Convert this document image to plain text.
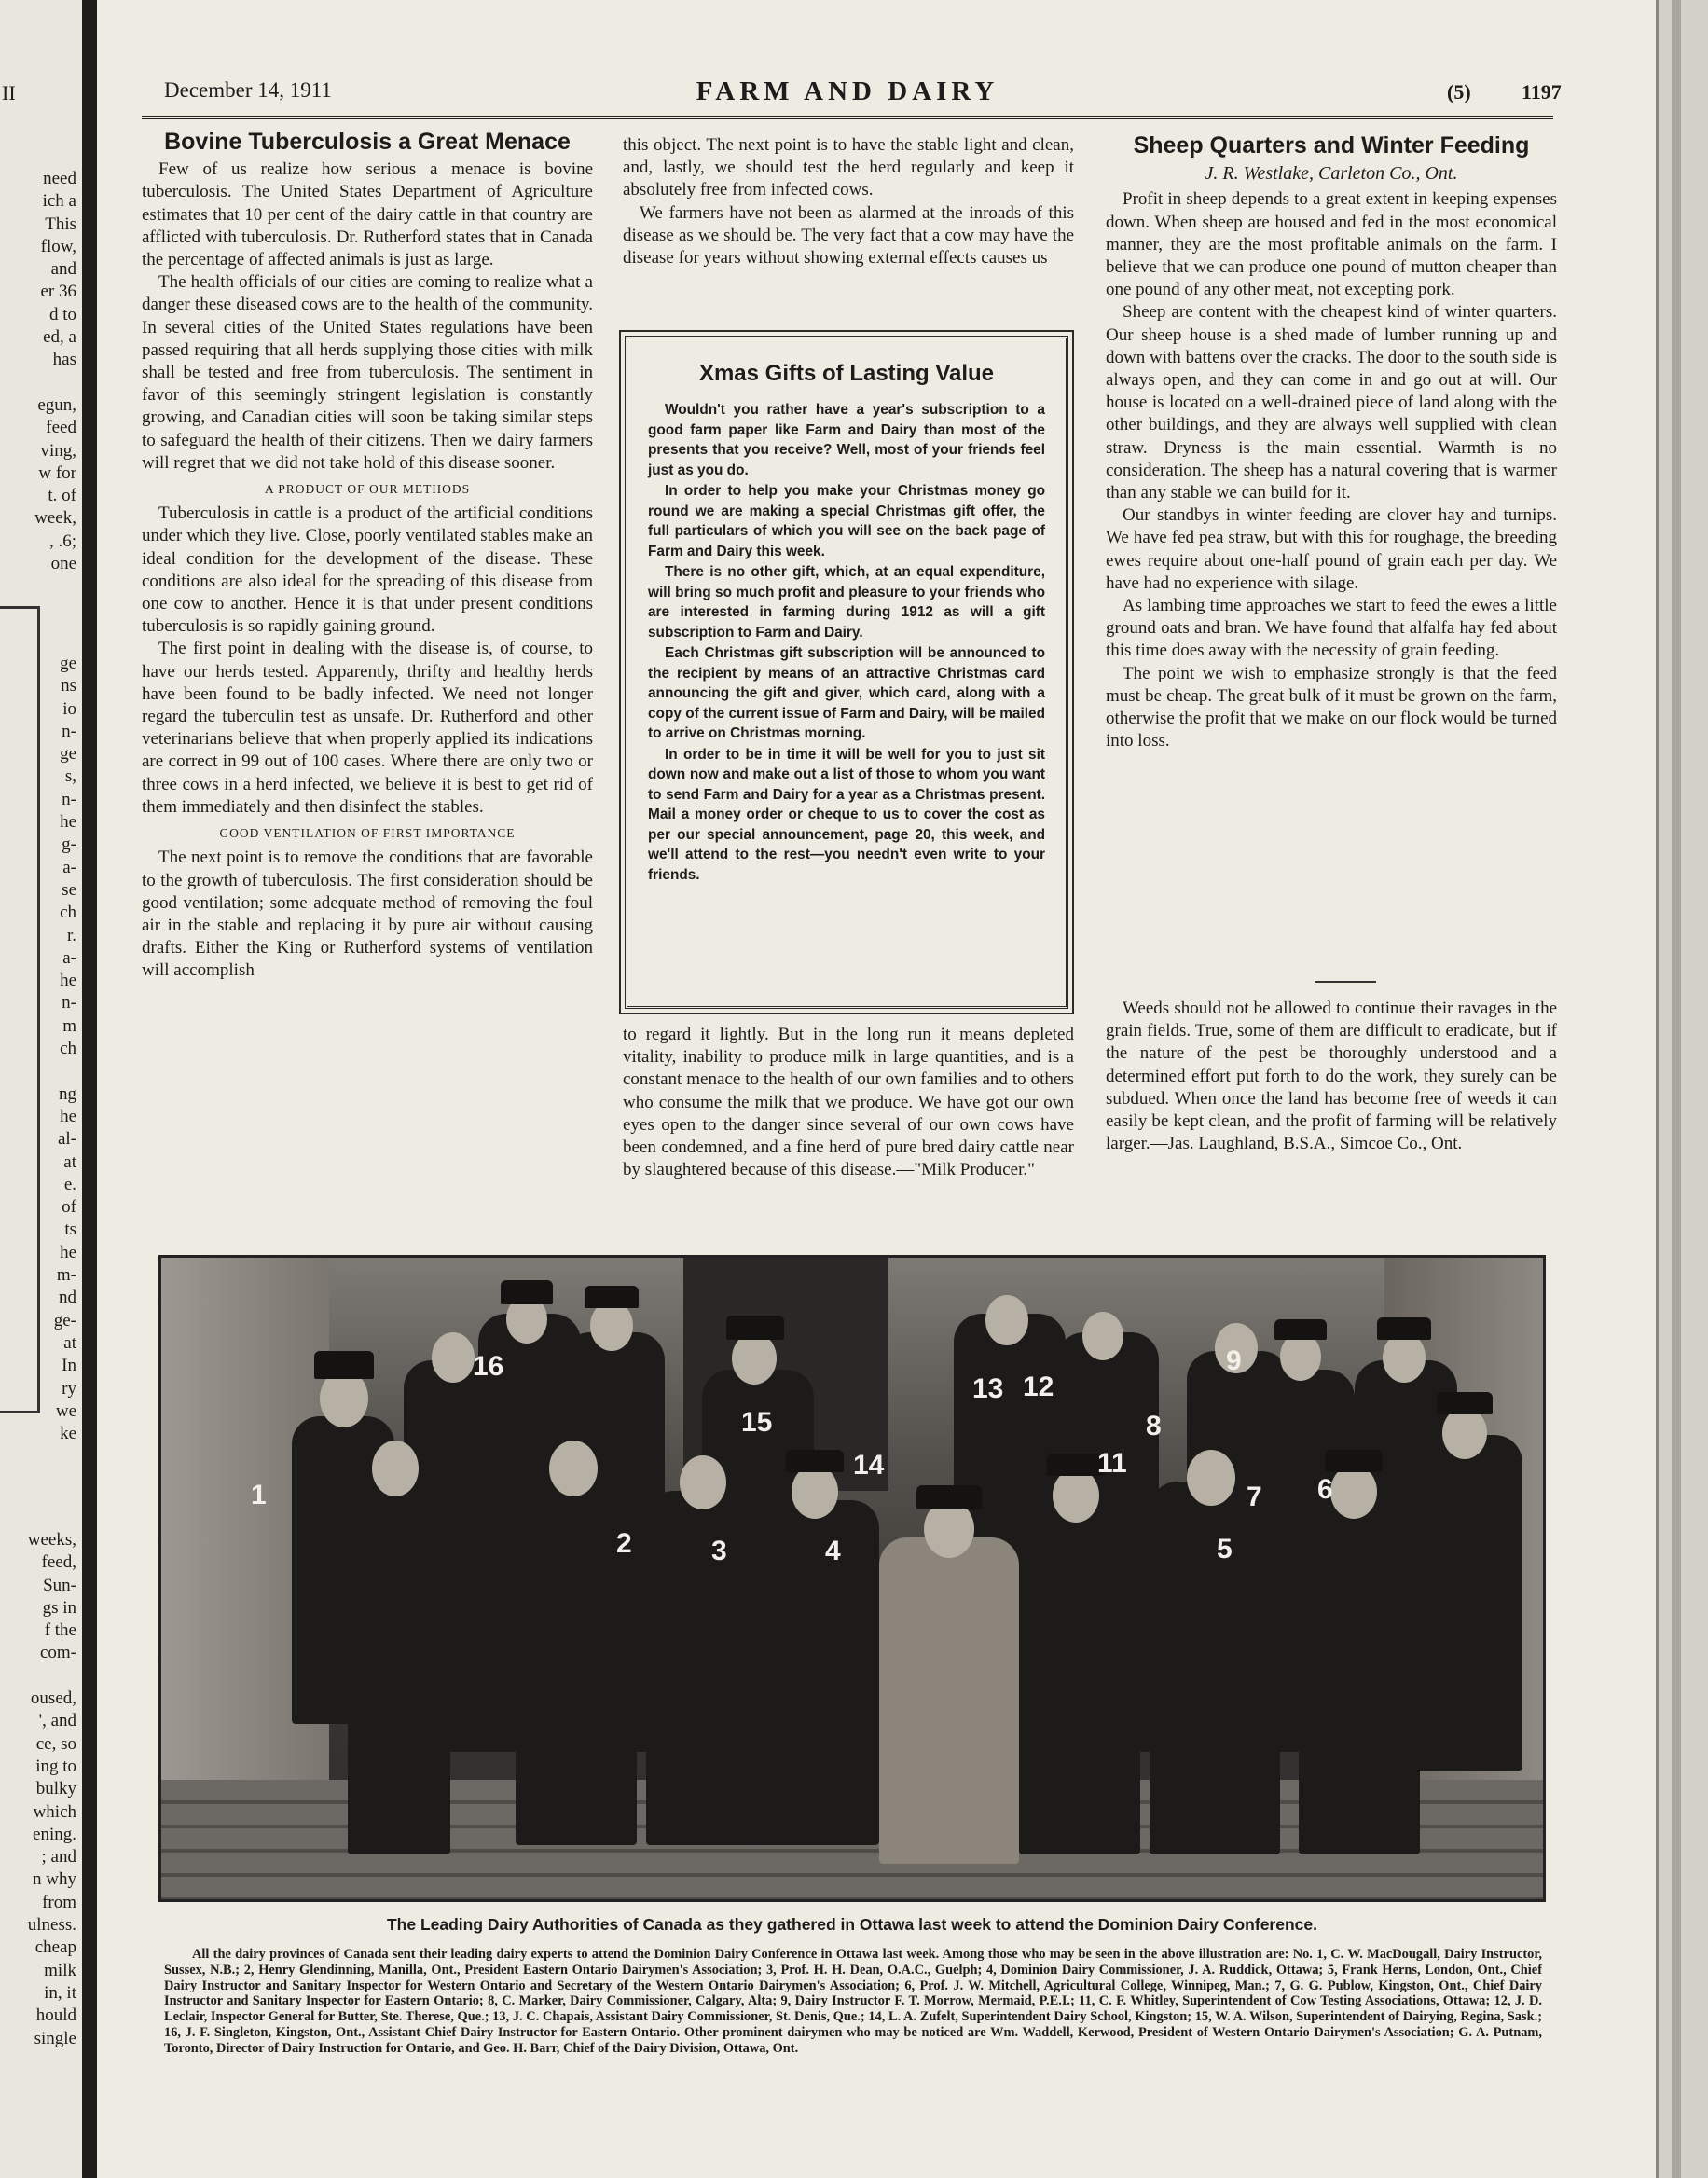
II
need
ich a
This
flow,
and
er 36
d to
ed, a
has

egun,
feed
ving,
w for
t. of
week,
, .6;
one
ge
ns
io
n-
ge
s,
n-
he
g-
a-
se
ch
r.
a-
he
n-
m
ch

ng
he
al-
at
e.
of
ts
he
m-
nd
ge-
at
In
ry
we
ke
weeks,
feed,
Sun-
gs in
f the
com-

oused,
', and
ce, so
ing to
bulky
which
ening.
; and
n why
from
ulness.
cheap
milk
in, it
hould
single
December 14, 1911	FARM AND DAIRY	(5) 1197
Bovine Tuberculosis a Great Menace

Few of us realize how serious a menace is bovine tuberculosis. The United States Department of Agriculture estimates that 10 per cent of the dairy cattle in that country are afflicted with tuberculosis. Dr. Rutherford states that in Canada the percentage of affected animals is just as large.

The health officials of our cities are coming to realize what a danger these diseased cows are to the health of the community. In several cities of the United States regulations have been passed requiring that all herds supplying those cities with milk shall be tested and free from tuberculosis. The sentiment in favor of this seemingly stringent legislation is constantly growing, and Canadian cities will soon be taking similar steps to safeguard the health of their citizens. Then we dairy farmers will regret that we did not take hold of this disease sooner.

A PRODUCT OF OUR METHODS

Tuberculosis in cattle is a product of the artificial conditions under which they live. Close, poorly ventilated stables make an ideal condition for the development of the disease. These conditions are also ideal for the spreading of this disease from one cow to another. Hence it is that under present conditions tuberculosis is so rapidly gaining ground.

The first point in dealing with the disease is, of course, to have our herds tested. Apparently, thrifty and healthy herds have been found to be badly infected. We need not longer regard the tuberculin test as unsafe. Dr. Rutherford and other veterinarians believe that when properly applied its indications are correct in 99 out of 100 cases. Where there are only two or three cows in a herd infected, we believe it is best to get rid of them immediately and then disinfect the stables.

GOOD VENTILATION OF FIRST IMPORTANCE

The next point is to remove the conditions that are favorable to the growth of tuberculosis. The first consideration should be good ventilation; some adequate method of removing the foul air in the stable and replacing it by pure air without causing drafts. Either the King or Rutherford systems of ventilation will accomplish

this object. The next point is to have the stable light and clean, and, lastly, we should test the herd regularly and keep it absolutely free from infected cows.

We farmers have not been as alarmed at the inroads of this disease as we should be. The very fact that a cow may have the disease for years without showing external effects causes us

Xmas Gifts of Lasting Value

Wouldn't you rather have a year's subscription to a good farm paper like Farm and Dairy than most of the presents that you receive? Well, most of your friends feel just as you do.

In order to help you make your Christmas money go round we are making a special Christmas gift offer, the full particulars of which you will see on the back page of Farm and Dairy this week.

There is no other gift, which, at an equal expenditure, will bring so much profit and pleasure to your friends who are interested in farming during 1912 as will a gift subscription to Farm and Dairy.

Each Christmas gift subscription will be announced to the recipient by means of an attractive Christmas card announcing the gift and giver, which card, along with a copy of the current issue of Farm and Dairy, will be mailed to arrive on Christmas morning.

In order to be in time it will be well for you to just sit down now and make out a list of those to whom you want to send Farm and Dairy for a year as a Christmas present. Mail a money order or cheque to us to cover the cost as per our special announcement, page 20, this week, and we'll attend to the rest—you needn't even write to your friends.

to regard it lightly. But in the long run it means depleted vitality, inability to produce milk in large quantities, and is a constant menace to the health of our own families and to others who consume the milk that we produce. We have got our own eyes open to the danger since several of our own cows have been condemned, and a fine herd of pure bred dairy cattle near by slaughtered because of this disease.—"Milk Producer."

Sheep Quarters and Winter Feeding

J. R. Westlake, Carleton Co., Ont.

Profit in sheep depends to a great extent in keeping expenses down. When sheep are housed and fed in the most economical manner, they are the most profitable animals on the farm. I believe that we can produce one pound of mutton cheaper than one pound of any other meat, not excepting pork.

Sheep are content with the cheapest kind of winter quarters. Our sheep house is a shed made of lumber running up and down with battens over the cracks. The door to the south side is always open, and they can come in and go out at will. Our house is located on a well-drained piece of land along with the other buildings, and they are always well supplied with clean straw. Dryness is the main essential. Warmth is no consideration. The sheep has a natural covering that is warmer than any stable we can build for it.

Our standbys in winter feeding are clover hay and turnips. We have fed pea straw, but with this for roughage, the breeding ewes require about one-half pound of grain each per day. We have had no experience with silage.

As lambing time approaches we start to feed the ewes a little ground oats and bran. We have found that alfalfa hay fed about this time does away with the necessity of grain feeding.

The point we wish to emphasize strongly is that the feed must be cheap. The great bulk of it must be grown on the farm, otherwise the profit that we make on our flock would be turned into loss.

Weeds should not be allowed to continue their ravages in the grain fields. True, some of them are difficult to eradicate, but if the nature of the pest be thoroughly understood and a determined effort put forth to do the work, they surely can be subdued. When once the land has become free of weeds it can easily be kept clean, and the profit of farming will be relatively larger.—Jas. Laughland, B.S.A., Simcoe Co., Ont.

1
2	3	4	5
6
7
8
9
11
12
13
14
15
16
The Leading Dairy Authorities of Canada as they gathered in Ottawa last week to attend the Dominion Dairy Conference.
All the dairy provinces of Canada sent their leading dairy experts to attend the Dominion Dairy Conference in Ottawa last week. Among those who may be seen in the above illustration are: No. 1, C. W. MacDougall, Dairy Instructor, Sussex, N.B.; 2, Henry Glendinning, Manilla, Ont., President Eastern Ontario Dairymen's Association; 3, Prof. H. H. Dean, O.A.C., Guelph; 4, Dominion Dairy Commissioner, J. A. Ruddick, Ottawa; 5, Frank Herns, London, Ont., Chief Dairy Instructor and Sanitary Inspector for Western Ontario and Secretary of the Western Ontario Dairymen's Association; 6, Prof. J. W. Mitchell, Agricultural College, Winnipeg, Man.; 7, G. G. Publow, Kingston, Ont., Chief Dairy Instructor and Sanitary Inspector for Eastern Ontario; 8, C. Marker, Dairy Commissioner, Calgary, Alta; 9, Dairy Instructor F. T. Morrow, Mermaid, P.E.I.; 11, C. F. Whitley, Superintendent of Cow Testing Associations, Ottawa; 12, J. D. Leclair, Inspector General for Butter, Ste. Therese, Que.; 13, J. C. Chapais, Assistant Dairy Commissioner, St. Denis, Que.; 14, L. A. Zufelt, Superintendent Dairy School, Kingston; 15, W. A. Wilson, Superintendent of Dairying, Regina, Sask.; 16, J. F. Singleton, Kingston, Ont., Assistant Chief Dairy Instructor for Eastern Ontario. Other prominent dairymen who may be noticed are Wm. Waddell, Kerwood, President of Western Ontario Dairymen's Association; G. A. Putnam, Toronto, Director of Dairy Instruction for Ontario, and Geo. H. Barr, Chief of the Dairy Division, Ottawa, Ont.
